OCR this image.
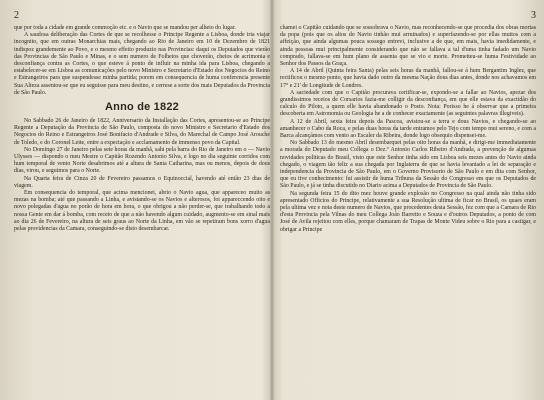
2

que por toda a cidade em grande commoção etc. e o Navio que se mandou per alheio do lugar.

A saudosa deliberação das Cortes de que se recolhesse o Principe Regente a Lisboa, donde iria viajar incognito, que em outras Monarchias mais, chegando ao Rio de Janeiro em 10 de Dezembro de 1821 indispoz grandemente ao Povo, e o mesmo effeito produzio nas Provincias: daqui os Deputados que vierão das Provincias de São Paulo e Minas, e o sem numero de Folhetos que choverão, cheios de acrimonia e desconfiança contra as Cortes, o que esteve á ponto de influir na minha ida para Lisboa, chegando a estabelecer-se em Lisboa as comunicações pelo novo Ministro e Secretario d'Estado dos Negocios do Reino e Estrangeiros para que suspendesse minha partida; porem em consequencia de huma conferencia presente Sua Alteza assentou-se que eu seguisse para meu destino, e cerrese a sorte dos mais Deputados da Provincia de São Paulo.

Anno de 1822

No Sabbado 26 de Janeiro de 1822, Anniversario da Installação das Cortes, apresentou-se ao Principe Regente a Deputação da Provincia de São Paulo, composta do novo Ministro e Secretario d'Estado dos Negocios do Reino e Estrangeiros José Bonifacio d'Andrade e Silva, do Marechal de Campo José Arouche de Toledo, e do Coronel Leite, entre a expectação e acclamamento de immenso povo da Capital.

No Domingo 27 de Janeiro pelas sete horas da manhã, sahi pela barra do Rio de Janeiro em o — Navio Ulysses — dispondo o meu Mestre o Capitão Rozendo Antonio Silva, e logo no dia seguinte corridos com hum temporal de vento Norte desabrimos até a altura de Santa Catharina, mas ou menos, depois de dous dias, virou, e seguimos para o Norte.

Na Quarta feira de Cinza 20 de Fevereiro passamos o Equinoccial, havendo até então 23 dias de viagem.

Em consequencia do temporal, que acima mencionei, abrio o Navio agua, que appareceo muito as mezas na bomba; até que passando a Linha, e avistando-se os Navios e alterosos, foi appareccendo oito e novo polegadas d'agua no porão de hora em hora, o que obrigou a não perder-se, que trabalhando todo a nossa Gente em dar á bomba, com receio de que a não havendo algum cuidado, augmento-se em sinal mais ao dia 26 de Fevereiro, na altura de seis graus ao Norte da Linha, em vão se repetiram bons xorro d'agua pelas providencias da Camara, conseguindo-se disto desembarcar.

3

chamei o Capitão cuidando que se sossobrava o Navio, mas reconhecendo-se que procedia dos obras mortas da popa (pois que os altos do Navio tinhão mui arruinados) e superfazendo-se por ellas muitos com a affeição, que ainda algumas pouca sossego entrevi, inclusive a de que, em mais, havia imedidamente, e ainda pessoas mui principalmente considerando que não se fallava a tal d'uma tinha fadado um Navio comprado, fallava-se em hum plano de assenta que se vio e morte. Prometteu-se huma Festividade ao Senhor dos Passos da Graça.

A 14 de Abril (Quinta feira Santa) pelas seis horas da manhã, fallou-se á hum Bergantim Inglez, que rectificou o mesmo ponto, que havia dado outro da mesma Nação dous dias antes, donde nos achavamos em 17° e 21' de Longitude de Londres.

A saciedade com que o Capitão procurava certificar-se, expondo-se a fallar ao Navios, apezar dos grandissimos receios de Corsarios fazia-me colligir da desconfiança, em que elle estava da exactidão do calculo do Piloto, a quem elle havia abandonado o Posto. Nota: Porisso he á observar que a primeira descoberta em Astronomia ou Geologia he a de conhecer exactamente (as seguintes palavras illegiveis).

A 12 de Abril, sexta feira depois da Pascoa, avistou-se a terra e dous Navios, e chegando-se ao amanhecer o Cabo da Roca, e pelas duas horas da tarde entramos pelo Tejo com tempo mui sereno, e com a Barca alcançámos com vento ao Escaler da Ribeira, donde logo obsequio dispensei-me.

No Sabbado 13 do mesmo Abril desembarquei pelas oito horas da manhã, e dirigi-me immediatamente a morada do Deputado meu Collega o Dez.º Antonio Carlos Ribeiro d'Andrada, a prevenção de algumas novidades politicas do Brasil, visto que este Senhor tinha sido em Lisboa seis mezes antes do Navio ainda chegado, o viagem tão feliz a sua chegada por Inglaterra de que se havia levantado a lei de separação e independencia da Provincia de São Paulo, em o Governo Provisorio de São Paulo e em dita com Senhor, que eu tive conhecimento: fui assistir de huma Tribuna da Sessão do Congresso em que os Deputados de São Paulo, e já se tinha discutido no Diario acima a Deputados de Provincia de São Paulo.

Na segunda feira 15 do dito mez houve grande explosão no Congresso na qual ainda não tinha sido apresentado Officios do Principe, relativamente a sua Resolução ultima de ficar no Brasil, os quaes eram pela ultima vez e nota deste numero de Navios, que procedentes desta Sessão, fez com que a Camara de Rio d'esta Provincia pela Vilnas do meu Collega João Barretto e Souza e d'outros Deputados, a ponto de com José de Avila rejeitou com elles, porque chamaram de Trapas de Monte Videu sobre o Rio para a castigar, e obrigar a Principe
